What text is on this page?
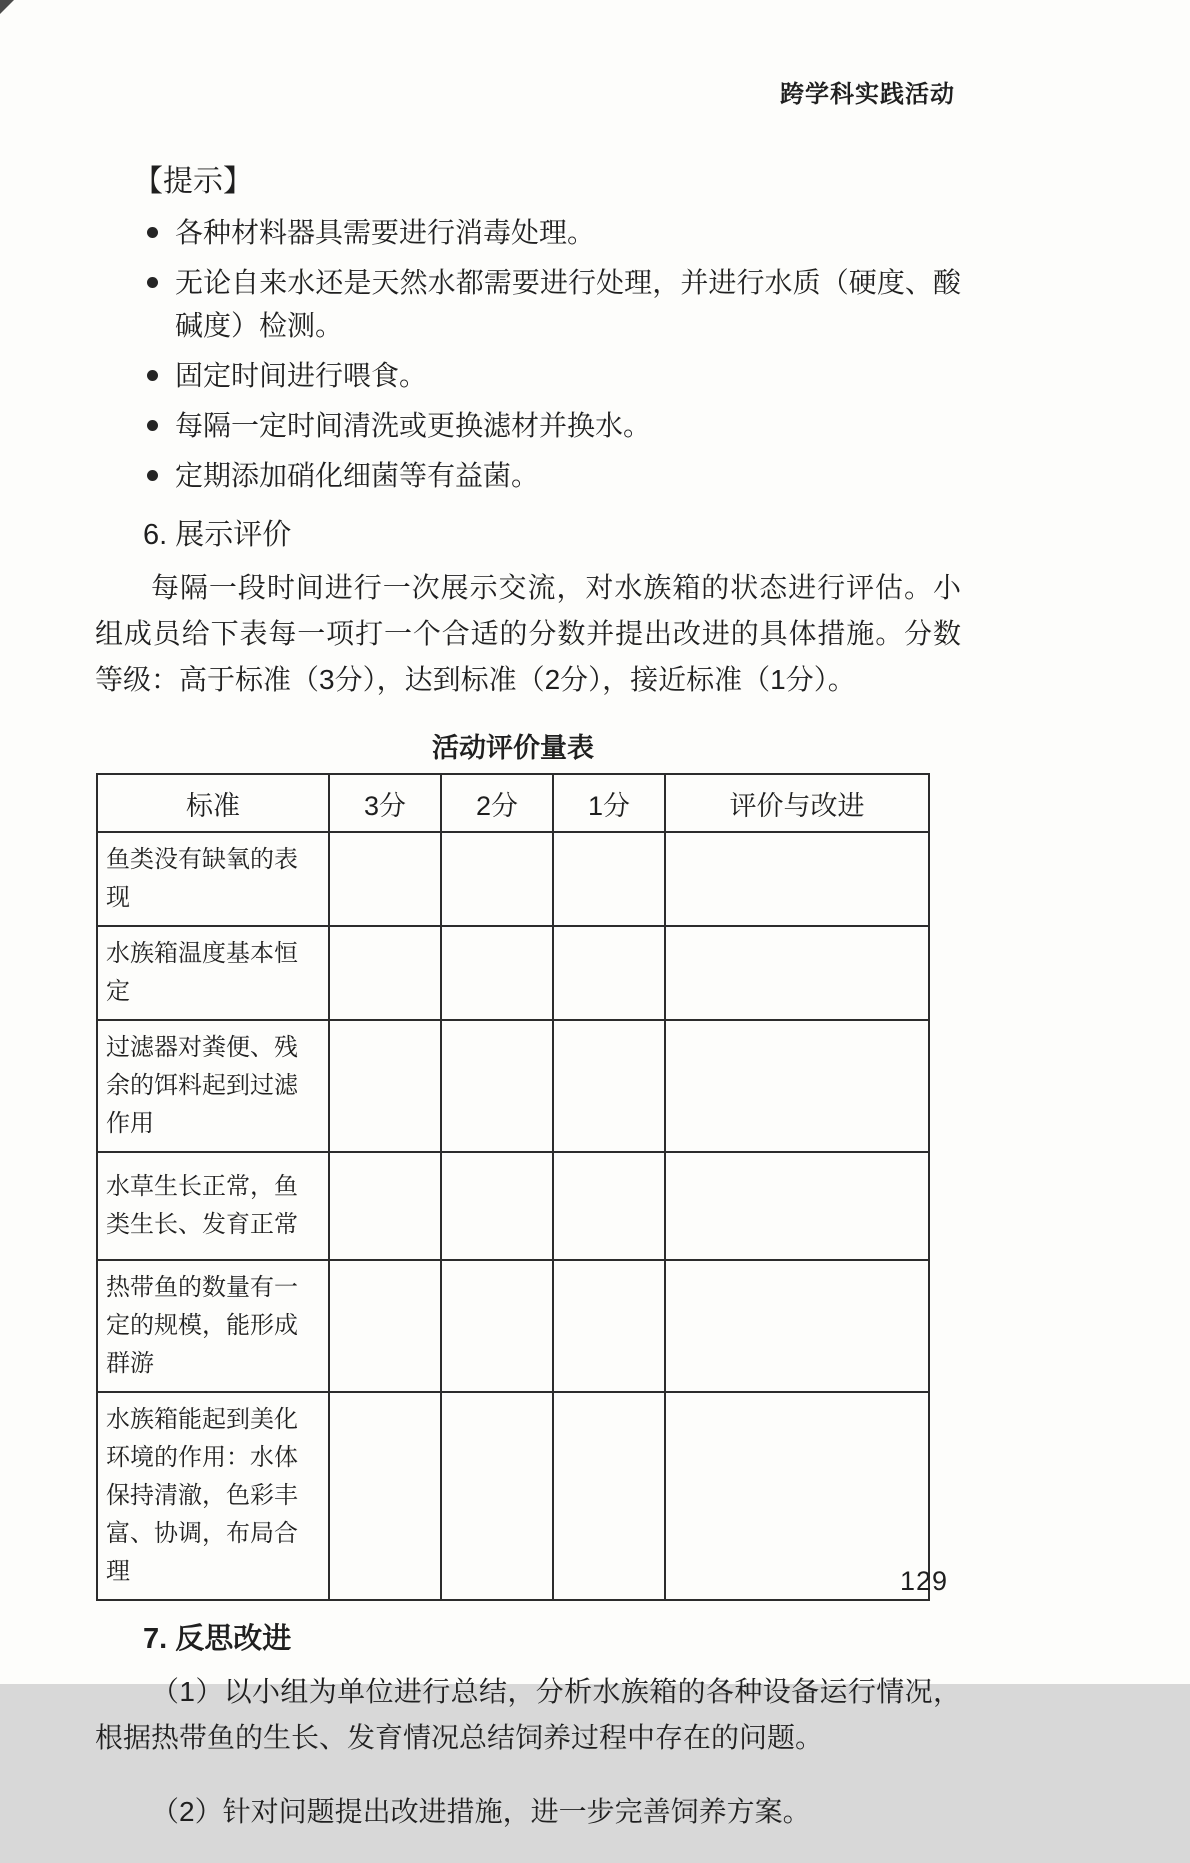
跨学科实践活动
【提示】
各种材料器具需要进行消毒处理。
无论自来水还是天然水都需要进行处理，并进行水质（硬度、酸碱度）检测。
固定时间进行喂食。
每隔一定时间清洗或更换滤材并换水。
定期添加硝化细菌等有益菌。
6. 展示评价

每隔一段时间进行一次展示交流，对水族箱的状态进行评估。小组成员给下表每一项打一个合适的分数并提出改进的具体措施。分数等级：高于标准（3分），达到标准（2分），接近标准（1分）。

活动评价量表
标准	3分	2分	1分	评价与改进
鱼类没有缺氧的表现				
水族箱温度基本恒定				
过滤器对粪便、残余的饵料起到过滤作用				
水草生长正常，鱼类生长、发育正常				
热带鱼的数量有一定的规模，能形成群游				
水族箱能起到美化环境的作用：水体保持清澈，色彩丰富、协调，布局合理				
7. 反思改进

（1）以小组为单位进行总结，分析水族箱的各种设备运行情况，根据热带鱼的生长、发育情况总结饲养过程中存在的问题。

（2）针对问题提出改进措施，进一步完善饲养方案。

129
